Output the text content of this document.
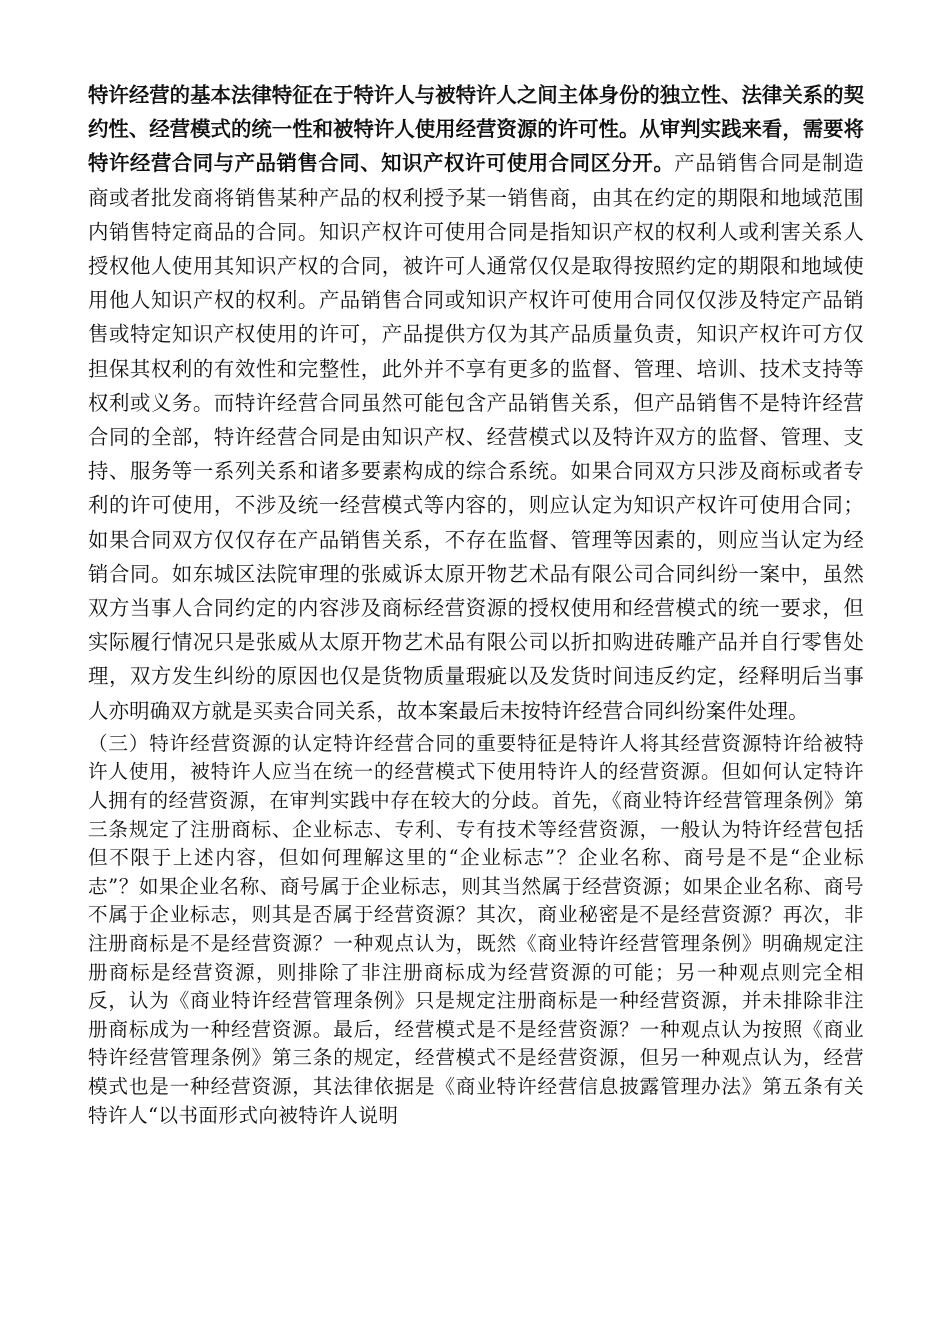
特许经营的基本法律特征在于特许人与被特许人之间主体身份的独立性、法律关系的契约性、经营模式的统一性和被特许人使用经营资源的许可性。从审判实践来看，需要将特许经营合同与产品销售合同、知识产权许可使用合同区分开。产品销售合同是制造商或者批发商将销售某种产品的权利授予某一销售商，由其在约定的期限和地域范围内销售特定商品的合同。知识产权许可使用合同是指知识产权的权利人或利害关系人授权他人使用其知识产权的合同，被许可人通常仅仅是取得按照约定的期限和地域使用他人知识产权的权利。产品销售合同或知识产权许可使用合同仅仅涉及特定产品销售或特定知识产权使用的许可，产品提供方仅为其产品质量负责，知识产权许可方仅担保其权利的有效性和完整性，此外并不享有更多的监督、管理、培训、技术支持等权利或义务。而特许经营合同虽然可能包含产品销售关系，但产品销售不是特许经营合同的全部，特许经营合同是由知识产权、经营模式以及特许双方的监督、管理、支持、服务等一系列关系和诸多要素构成的综合系统。如果合同双方只涉及商标或者专利的许可使用，不涉及统一经营模式等内容的，则应认定为知识产权许可使用合同；如果合同双方仅仅存在产品销售关系，不存在监督、管理等因素的，则应当认定为经销合同。如东城区法院审理的张威诉太原开物艺术品有限公司合同纠纷一案中，虽然双方当事人合同约定的内容涉及商标经营资源的授权使用和经营模式的统一要求，但实际履行情况只是张威从太原开物艺术品有限公司以折扣购进砖雕产品并自行零售处理，双方发生纠纷的原因也仅是货物质量瑕疵以及发货时间违反约定，经释明后当事人亦明确双方就是买卖合同关系，故本案最后未按特许经营合同纠纷案件处理。

（三）特许经营资源的认定特许经营合同的重要特征是特许人将其经营资源特许给被特许人使用，被特许人应当在统一的经营模式下使用特许人的经营资源。但如何认定特许人拥有的经营资源，在审判实践中存在较大的分歧。首先，《商业特许经营管理条例》第三条规定了注册商标、企业标志、专利、专有技术等经营资源，一般认为特许经营包括但不限于上述内容，但如何理解这里的“企业标志”？企业名称、商号是不是“企业标志”？如果企业名称、商号属于企业标志，则其当然属于经营资源；如果企业名称、商号不属于企业标志，则其是否属于经营资源？其次，商业秘密是不是经营资源？再次，非注册商标是不是经营资源？一种观点认为，既然《商业特许经营管理条例》明确规定注册商标是经营资源，则排除了非注册商标成为经营资源的可能；另一种观点则完全相反，认为《商业特许经营管理条例》只是规定注册商标是一种经营资源，并未排除非注册商标成为一种经营资源。最后，经营模式是不是经营资源？一种观点认为按照《商业特许经营管理条例》第三条的规定，经营模式不是经营资源，但另一种观点认为，经营模式也是一种经营资源，其法律依据是《商业特许经营信息披露管理办法》第五条有关特许人“以书面形式向被特许人说明
